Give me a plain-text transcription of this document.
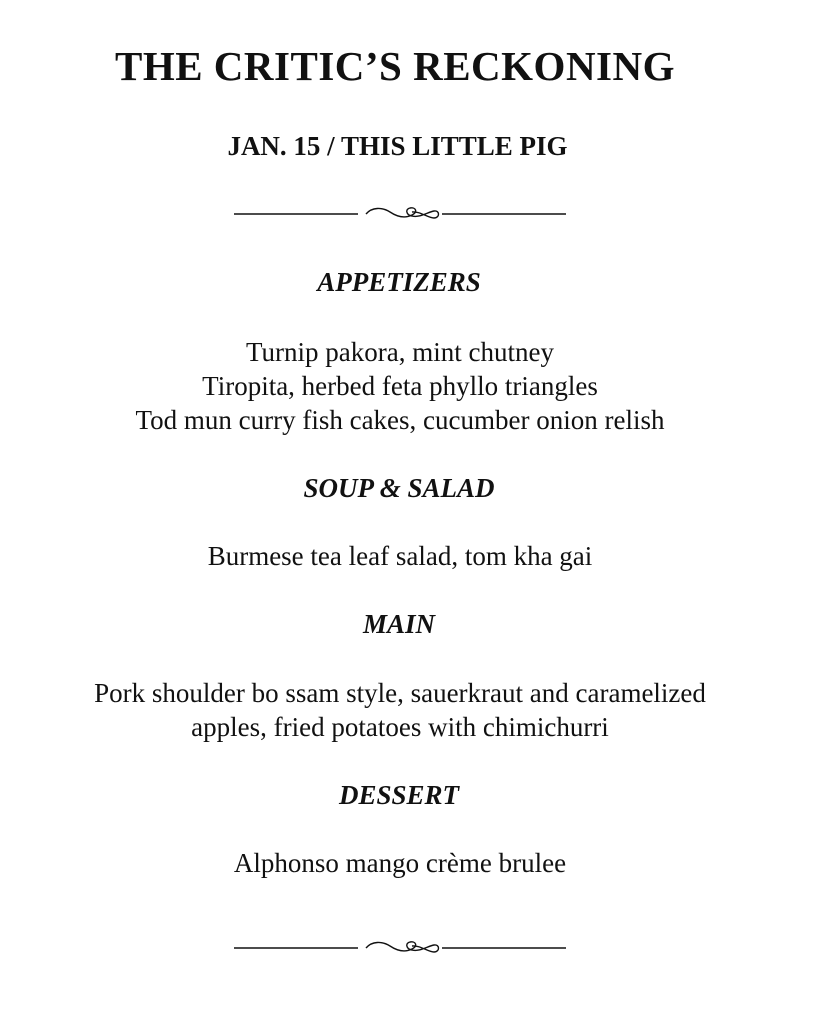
THE CRITIC’S RECKONING
JAN. 15 / THIS LITTLE PIG
APPETIZERS

Turnip pakora, mint chutney

Tiropita, herbed feta phyllo triangles

Tod mun curry fish cakes, cucumber onion relish

SOUP & SALAD

Burmese tea leaf salad, tom kha gai

MAIN

Pork shoulder bo ssam style, sauerkraut and caramelized

apples, fried potatoes with chimichurri

DESSERT

Alphonso mango crème brulee
